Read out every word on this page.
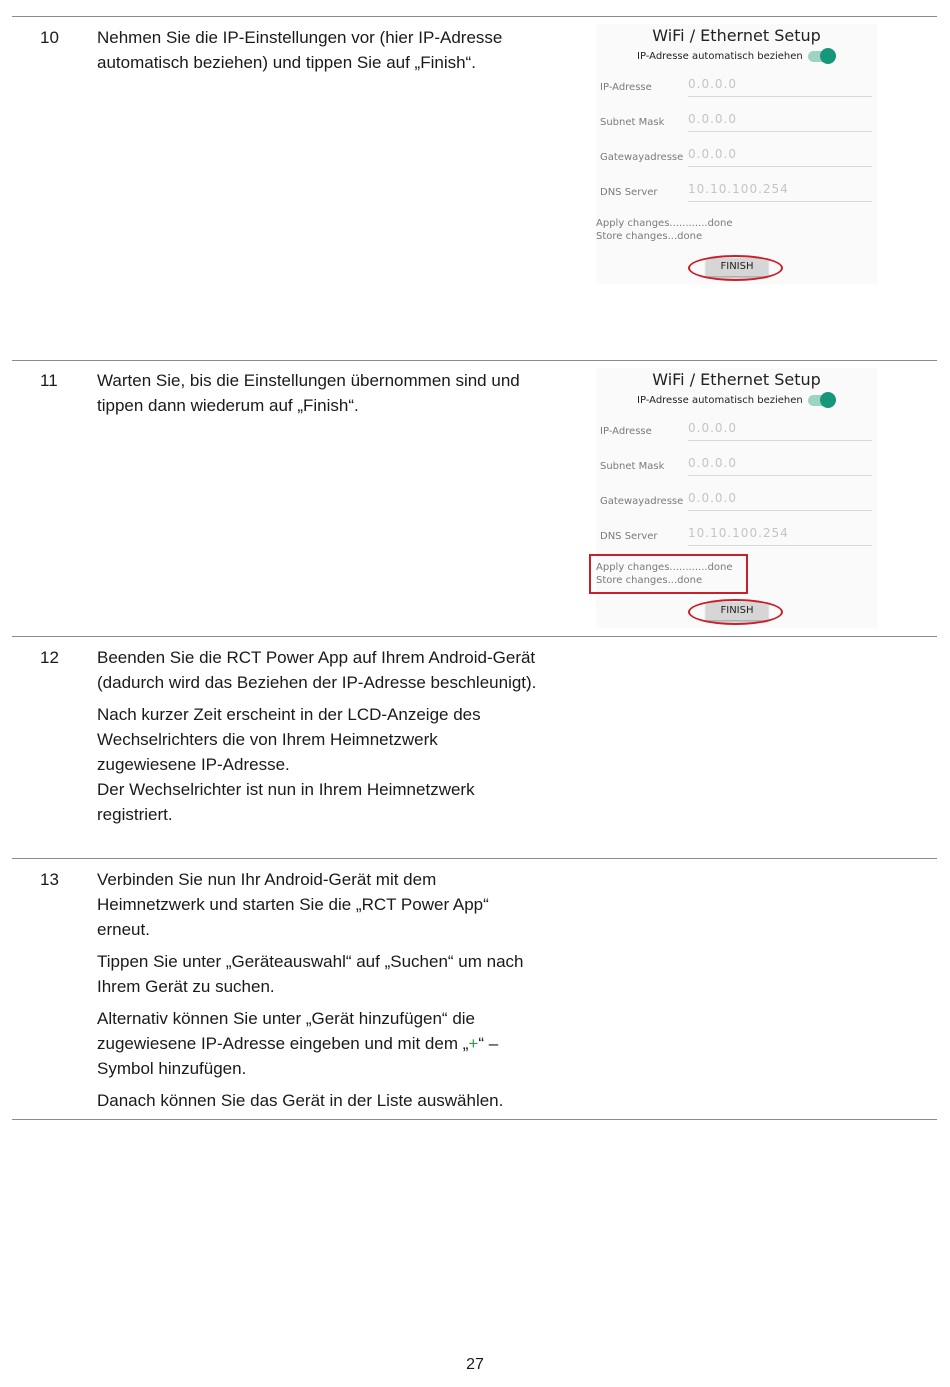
10 Nehmen Sie die IP-Einstellungen vor (hier IP-Adresse automatisch beziehen) und tippen Sie auf „Finish“.

WiFi / Ethernet Setup
IP-Adresse automatisch beziehen
IP-Adresse	0.0.0.0
Subnet Mask 0.0.0.0
Gatewayadresse 0.0.0.0
DNS Server	10.10.100.254
Apply changes............done
Store changes...done
FINISH
11 Warten Sie, bis die Einstellungen übernommen sind und tippen dann wiederum auf „Finish“.

WiFi / Ethernet Setup
IP-Adresse automatisch beziehen
IP-Adresse	0.0.0.0
Subnet Mask 0.0.0.0
Gatewayadresse 0.0.0.0
DNS Server	10.10.100.254
Apply changes............done
Store changes...done
FINISH
12 Beenden Sie die RCT Power App auf Ihrem Android-Gerät (dadurch wird das Beziehen der IP-Adresse beschleunigt).

Nach kurzer Zeit erscheint in der LCD-Anzeige des Wechselrichters die von Ihrem Heimnetzwerk zugewiesene IP-Adresse.

Der Wechselrichter ist nun in Ihrem Heimnetzwerk registriert.

13 Verbinden Sie nun Ihr Android-Gerät mit dem Heimnetzwerk und starten Sie die „RCT Power App“ erneut.

Tippen Sie unter „Geräteauswahl“ auf „Suchen“ um nach Ihrem Gerät zu suchen.

Alternativ können Sie unter „Gerät hinzufügen“ die zugewiesene IP-Adresse eingeben und mit dem „+“ – Symbol hinzufügen.

Danach können Sie das Gerät in der Liste auswählen.

27
